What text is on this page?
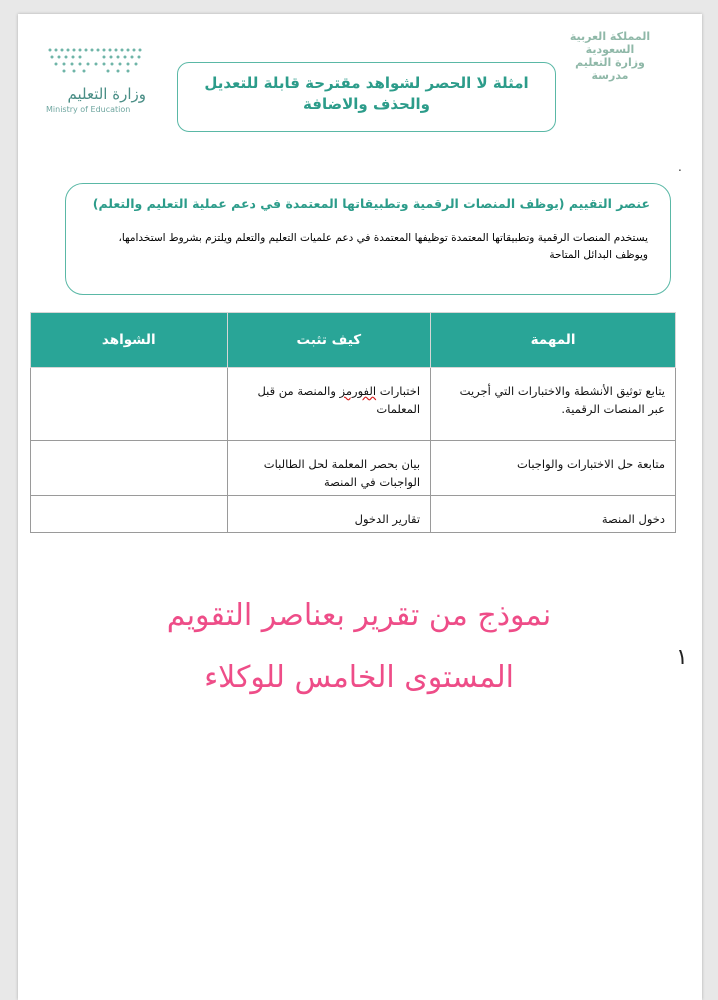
المملكة العربية السعودية
وزارة التعليم
مدرسة
امثلة لا الحصر لشواهد مقترحة قابلة للتعديل
والحذف والاضافة
وزارة التعليم
Ministry of Education
.
عنصر التقييم (يوظف المنصات الرقمية وتطبيقاتها المعتمدة في دعم عملية التعليم والتعلم)
يستخدم المنصات الرقمية وتطبيقاتها المعتمدة توظيفها المعتمدة في دعم علميات التعليم والتعلم ويلتزم بشروط استخدامها،
ويوظف البدائل المتاحة
المهمة	كيف تثبت	الشواهد
يتابع توثيق الأنشطة والاختبارات التي أجريت عبر المنصات الرقمية.	اختبارات الفورمز والمنصة من قبل المعلمات	
متابعة حل الاختبارات والواجبات	بيان بحصر المعلمة لحل الطالبات الواجبات في المنصة	
دخول المنصة	تقارير الدخول	
نموذج من تقرير بعناصر التقويم
المستوى الخامس للوكلاء
١
